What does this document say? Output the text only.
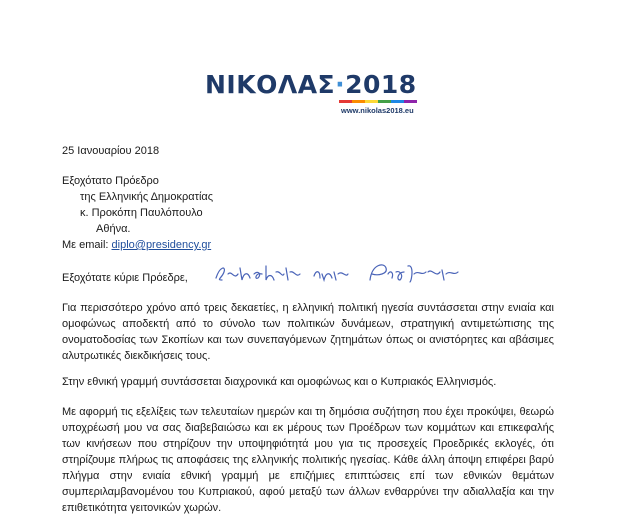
ΝΙΚΟΛΑΣ·2018
www.nikolas2018.eu
25 Ιανουαρίου 2018
Εξοχότατο Πρόεδρο
της Ελληνικής Δημοκρατίας
κ. Προκόπη Παυλόπουλο
Αθήνα.
Με email: diplo@presidency.gr
Εξοχότατε κύριε Πρόεδρε,

Για περισσότερο χρόνο από τρεις δεκαετίες, η ελληνική πολιτική ηγεσία συντάσσεται στην ενιαία και ομοφώνως αποδεκτή από το σύνολο των πολιτικών δυνάμεων, στρατηγική αντιμετώπισης της ονοματοδοσίας των Σκοπίων και των συνεπαγόμενων ζητημάτων όπως οι ανιστόρητες και αβάσιμες αλυτρωτικές διεκδικήσεις τους.

Στην εθνική γραμμή συντάσσεται διαχρονικά και ομοφώνως και ο Κυπριακός Ελληνισμός.

Με αφορμή τις εξελίξεις των τελευταίων ημερών και τη δημόσια συζήτηση που έχει προκύψει, θεωρώ υποχρέωσή μου να σας διαβεβαιώσω και εκ μέρους των Προέδρων των κομμάτων και επικεφαλής των κινήσεων που στηρίζουν την υποψηφιότητά μου για τις προσεχείς Προεδρικές εκλογές, ότι στηρίζουμε πλήρως τις αποφάσεις της ελληνικής πολιτικής ηγεσίας. Κάθε άλλη άποψη επιφέρει βαρύ πλήγμα στην ενιαία εθνική γραμμή με επιζήμιες επιπτώσεις επί των εθνικών θεμάτων συμπεριλαμβανομένου του Κυπριακού, αφού μεταξύ των άλλων ενθαρρύνει την αδιαλλαξία και την επιθετικότητα γειτονικών χωρών.
